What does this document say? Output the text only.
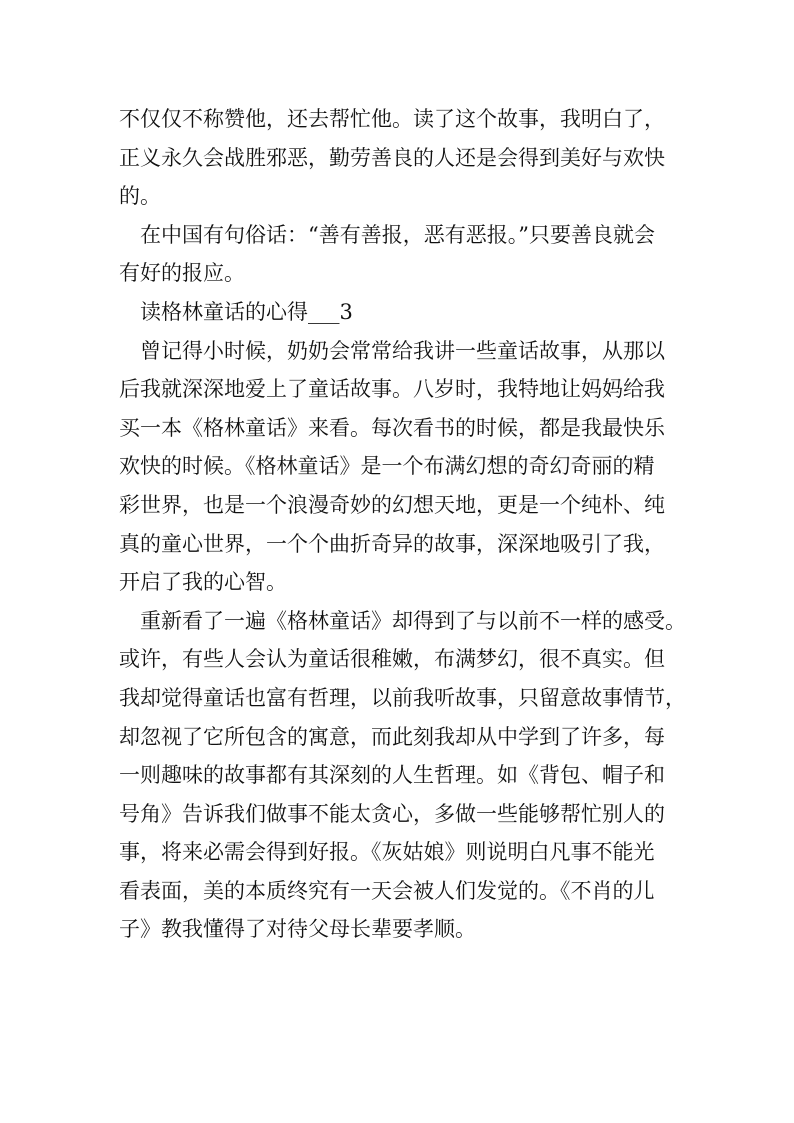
不仅仅不称赞他，还去帮忙他。读了这个故事，我明白了，
正义永久会战胜邪恶，勤劳善良的人还是会得到美好与欢快
的。
在中国有句俗话：“善有善报，恶有恶报。”只要善良就会
有好的报应。
读格林童话的心得___3
曾记得小时候，奶奶会常常给我讲一些童话故事，从那以
后我就深深地爱上了童话故事。八岁时，我特地让妈妈给我
买一本《格林童话》来看。每次看书的时候，都是我最快乐
欢快的时候。《格林童话》是一个布满幻想的奇幻奇丽的精
彩世界，也是一个浪漫奇妙的幻想天地，更是一个纯朴、纯
真的童心世界，一个个曲折奇异的故事，深深地吸引了我，
开启了我的心智。
重新看了一遍《格林童话》却得到了与以前不一样的感受。
或许，有些人会认为童话很稚嫩，布满梦幻，很不真实。但
我却觉得童话也富有哲理，以前我听故事，只留意故事情节，
却忽视了它所包含的寓意，而此刻我却从中学到了许多，每
一则趣味的故事都有其深刻的人生哲理。如《背包、帽子和
号角》告诉我们做事不能太贪心，多做一些能够帮忙别人的
事，将来必需会得到好报。《灰姑娘》则说明白凡事不能光
看表面，美的本质终究有一天会被人们发觉的。《不肖的儿
子》教我懂得了对待父母长辈要孝顺。
